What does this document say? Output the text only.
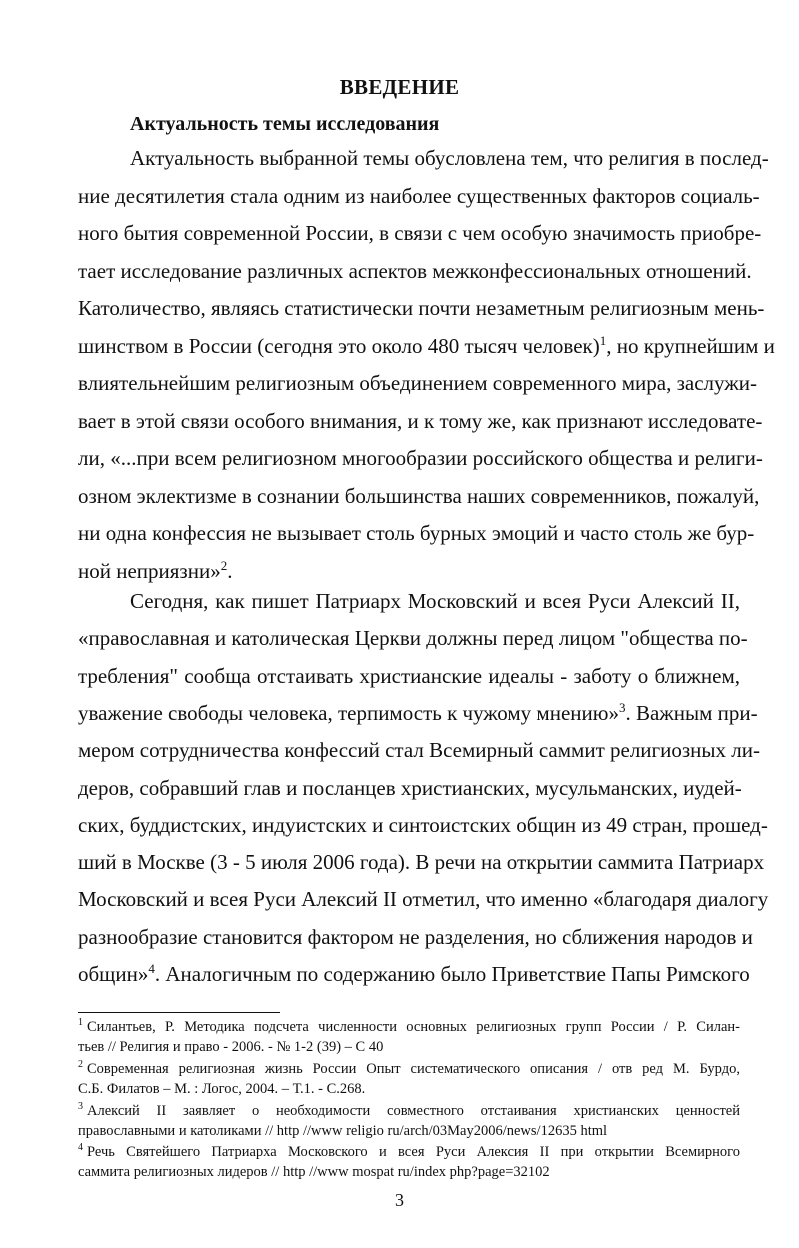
ВВЕДЕНИЕ
Актуальность темы исследования
Актуальность выбранной темы обусловлена тем, что религия в послед-
ние десятилетия стала одним из наиболее существенных факторов социаль-
ного бытия современной России, в связи с чем особую значимость приобре-
тает исследование различных аспектов межконфессиональных отношений.
Католичество, являясь статистически почти незаметным религиозным мень-
шинством в России (сегодня это около 480 тысяч человек)$^1$, но крупнейшим и
влиятельнейшим религиозным объединением современного мира, заслужи-
вает в этой связи особого внимания, и к тому же, как признают исследовате-
ли, «...при всем религиозном многообразии российского общества и религи-
озном эклектизме в сознании большинства наших современников, пожалуй,
ни одна конфессия не вызывает столь бурных эмоций и часто столь же бур-
ной неприязни»$^2$.
Сегодня, как пишет Патриарх Московский и всея Руси Алексий II,
«православная и католическая Церкви должны перед лицом "общества по-
требления" сообща отстаивать христианские идеалы - заботу о ближнем,
уважение свободы человека, терпимость к чужому мнению»$^3$. Важным при-
мером сотрудничества конфессий стал Всемирный саммит религиозных ли-
деров, собравший глав и посланцев христианских, мусульманских, иудей-
ских, буддистских, индуистских и синтоистских общин из 49 стран, прошед-
ший в Москве (3 - 5 июля 2006 года). В речи на открытии саммита Патриарх
Московский и всея Руси Алексий II отметил, что именно «благодаря диалогу
разнообразие становится фактором не разделения, но сближения народов и
общин»$^4$. Аналогичным по содержанию было Приветствие Папы Римского
$^1$ Силантьев, Р. Методика подсчета численности основных религиозных групп России / Р. Силан-
тьев // Религия и право - 2006. - № 1-2 (39) – С 40
$^2$ Современная религиозная жизнь России Опыт систематического описания / отв ред М. Бурдо,
С.Б. Филатов – М. : Логос, 2004. – Т.1. - С.268.
$^3$ Алексий II заявляет о необходимости совместного отстаивания христианских ценностей
православными и католиками // http //www religio ru/arch/03May2006/news/12635 html
$^4$ Речь Святейшего Патриарха Московского и всея Руси Алексия II при открытии Всемирного
саммита религиозных лидеров // http //www mospat ru/index php?page=32102
3
